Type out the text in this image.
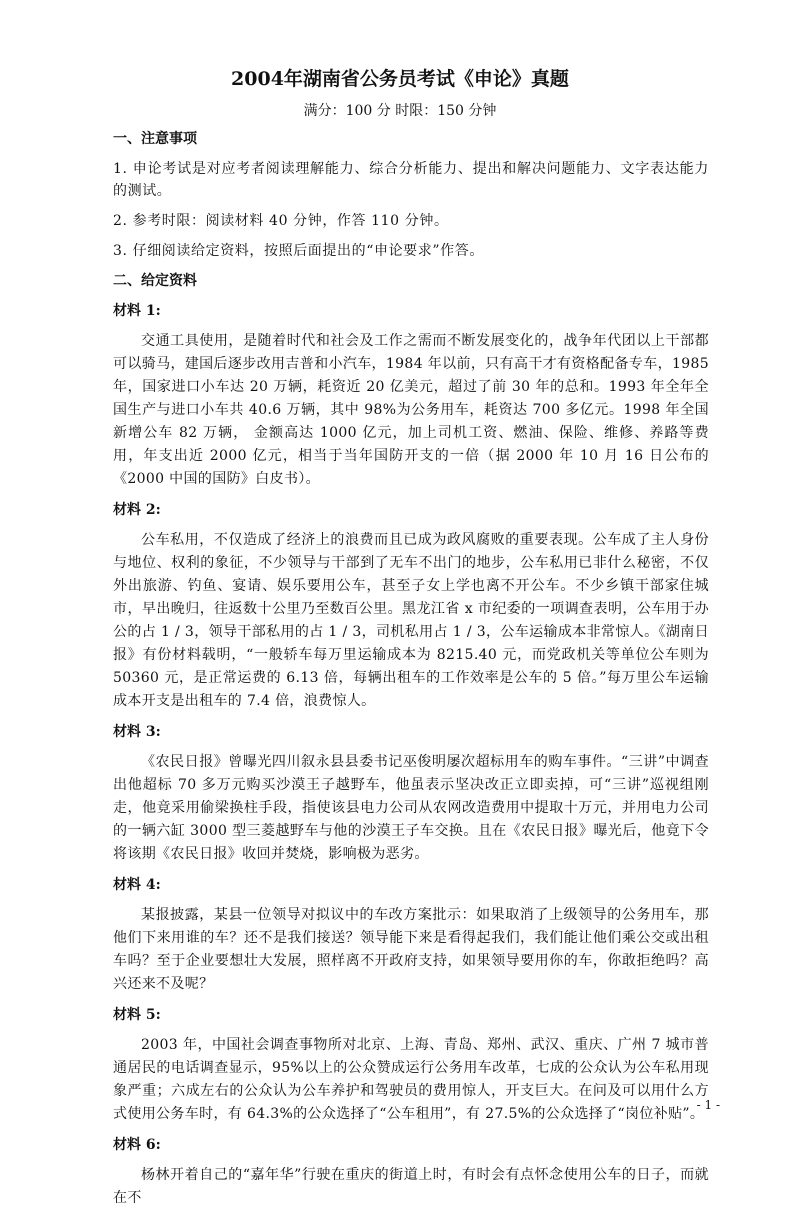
2004年湖南省公务员考试《申论》真题
满分：100 分 时限：150 分钟
一、注意事项
1. 申论考试是对应考者阅读理解能力、综合分析能力、提出和解决问题能力、文字表达能力的测试。
2. 参考时限：阅读材料 40 分钟，作答 110 分钟。
3. 仔细阅读给定资料，按照后面提出的“申论要求”作答。
二、给定资料
材料 1:
交通工具使用，是随着时代和社会及工作之需而不断发展变化的，战争年代团以上干部都可以骑马，建国后逐步改用吉普和小汽车，1984 年以前，只有高干才有资格配备专车，1985 年，国家进口小车达 20 万辆，耗资近 20 亿美元，超过了前 30 年的总和。1993 年全年全国生产与进口小车共 40.6 万辆，其中 98%为公务用车，耗资达 700 多亿元。1998 年全国新增公车 82 万辆， 金额高达 1000 亿元，加上司机工资、燃油、保险、维修、养路等费用，年支出近 2000 亿元，相当于当年国防开支的一倍（据 2000 年 10 月 16 日公布的《2000 中国的国防》白皮书）。
材料 2:
公车私用，不仅造成了经济上的浪费而且已成为政风腐败的重要表现。公车成了主人身份与地位、权利的象征，不少领导与干部到了无车不出门的地步，公车私用已非什么秘密，不仅外出旅游、钓鱼、宴请、娱乐要用公车，甚至子女上学也离不开公车。不少乡镇干部家住城市，早出晚归，往返数十公里乃至数百公里。黑龙江省 x 市纪委的一项调查表明，公车用于办公的占 1 / 3，领导干部私用的占 1 / 3，司机私用占 1 / 3，公车运输成本非常惊人。《湖南日报》有份材料载明，“一般轿车每万里运输成本为 8215.40 元，而党政机关等单位公车则为 50360 元，是正常运费的 6.13 倍，每辆出租车的工作效率是公车的 5 倍。”每万里公车运输成本开支是出租车的 7.4 倍，浪费惊人。
材料 3:
《农民日报》曾曝光四川叙永县县委书记巫俊明屡次超标用车的购车事件。“三讲”中调查出他超标 70 多万元购买沙漠王子越野车，他虽表示坚决改正立即卖掉，可“三讲”巡视组刚走，他竟采用偷梁换柱手段，指使该县电力公司从农网改造费用中提取十万元，并用电力公司的一辆六缸 3000 型三菱越野车与他的沙漠王子车交换。且在《农民日报》曝光后，他竟下令将该期《农民日报》收回并焚烧，影响极为恶劣。
材料 4:
某报披露，某县一位领导对拟议中的车改方案批示：如果取消了上级领导的公务用车，那他们下来用谁的车？还不是我们接送？领导能下来是看得起我们，我们能让他们乘公交或出租车吗？至于企业要想壮大发展，照样离不开政府支持，如果领导要用你的车，你敢拒绝吗？高兴还来不及呢？
材料 5:
2003 年，中国社会调查事物所对北京、上海、青岛、郑州、武汉、重庆、广州 7 城市普通居民的电话调查显示，95%以上的公众赞成运行公务用车改革，七成的公众认为公车私用现象严重；六成左右的公众认为公车养护和驾驶员的费用惊人，开支巨大。在问及可以用什么方式使用公务车时，有 64.3%的公众选择了“公车租用”，有 27.5%的公众选择了“岗位补贴”。
材料 6:
杨林开着自己的“嘉年华”行驶在重庆的街道上时，有时会有点怀念使用公车的日子，而就在不
- 1 -
